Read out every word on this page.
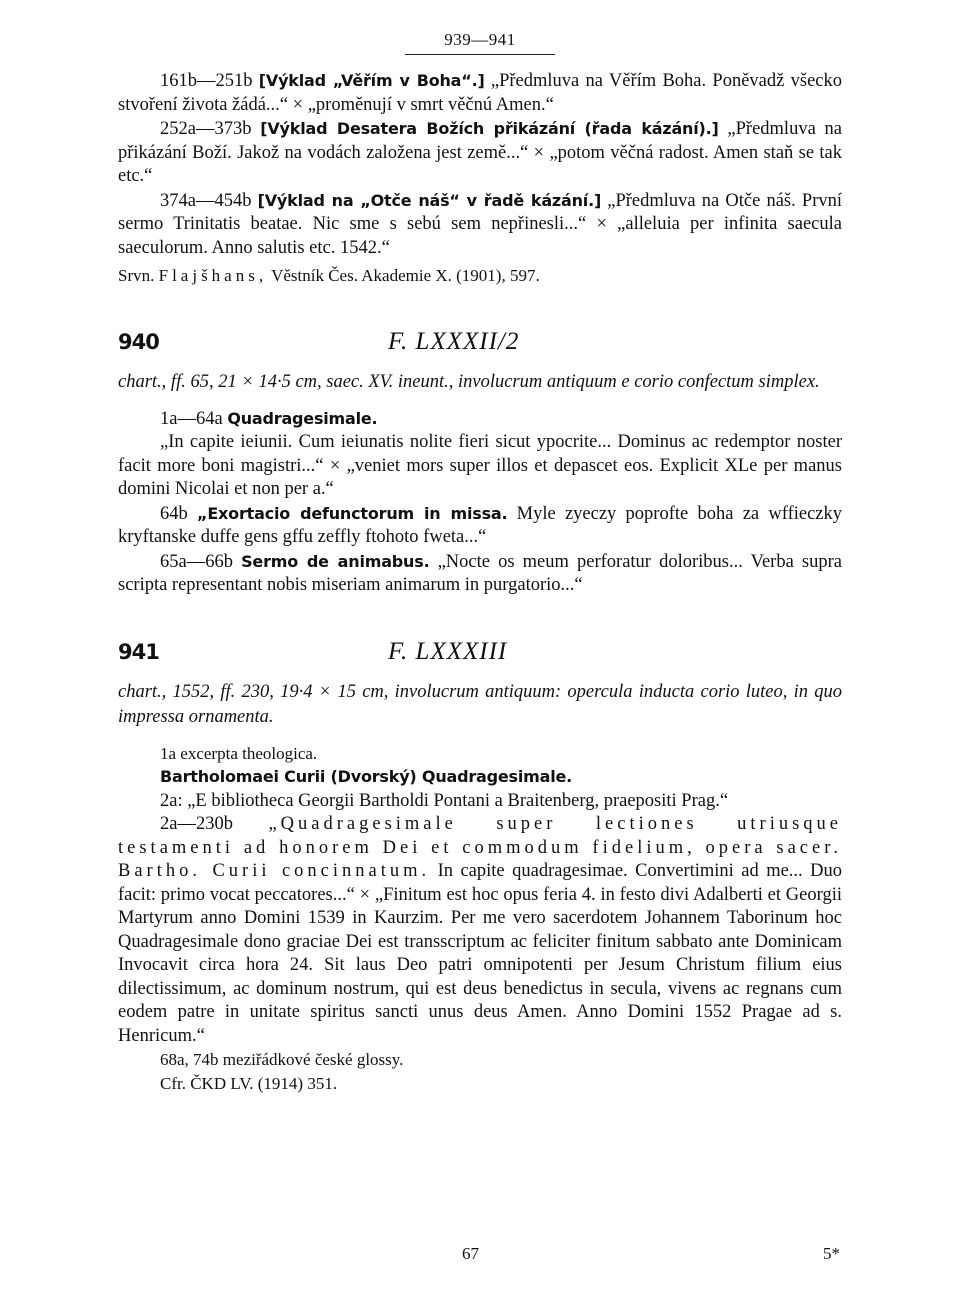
939—941

161b—251b [Výklad „Věřím v Boha“.] „Předmluva na Věřím Boha. Poněvadž všecko stvoření života žádá...“ × „proměnují v smrt věčnú Amen.“

252a—373b [Výklad Desatera Božích přikázání (řada kázání).] „Předmluva na přikázání Boží. Jakož na vodách založena jest země...“ × „potom věčná radost. Amen staň se tak etc.“

374a—454b [Výklad na „Otče náš“ v řadě kázání.] „Předmluva na Otče náš. První sermo Trinitatis beatae. Nic sme s sebú sem nepřinesli...“ × „alleluia per infinita saecula saeculorum. Anno salutis etc. 1542.“

Srvn. Flajšhans, Věstník Čes. Akademie X. (1901), 597.

940	F. LXXXII/2

chart., ff. 65, 21 × 14·5 cm, saec. XV. ineunt., involucrum antiquum e corio confectum simplex.

1a—64a Quadragesimale.

„In capite ieiunii. Cum ieiunatis nolite fieri sicut ypocrite... Dominus ac redemptor noster facit more boni magistri...“ × „veniet mors super illos et depascet eos. Explicit XLe per manus domini Nicolai et non per a.“

64b „Exortacio defunctorum in missa. Myle zyeczy poprofte boha za wffieczky kryftanske duffe gens gffu zeffly ftohoto fweta...“

65a—66b Sermo de animabus. „Nocte os meum perforatur doloribus... Verba supra scripta representant nobis miseriam animarum in purgatorio...“

941	F. LXXXIII

chart., 1552, ff. 230, 19·4 × 15 cm, involucrum antiquum: opercula inducta corio luteo, in quo impressa ornamenta.

1a excerpta theologica.

Bartholomaei Curii (Dvorský) Quadragesimale.

2a: „E bibliotheca Georgii Bartholdi Pontani a Braitenberg, praepositi Prag.“

2a—230b „Quadragesimale super lectiones utriusque testamenti ad honorem Dei et commodum fidelium, opera sacer. Bartho. Curii concinnatum. In capite quadragesimae. Convertimini ad me... Duo facit: primo vocat peccatores...“ × „Finitum est hoc opus feria 4. in festo divi Adalberti et Georgii Martyrum anno Domini 1539 in Kaurzim. Per me vero sacerdotem Johannem Taborinum hoc Quadragesimale dono graciae Dei est transscriptum ac feliciter finitum sabbato ante Dominicam Invocavit circa hora 24. Sit laus Deo patri omnipotenti per Jesum Christum filium eius dilectissimum, ac dominum nostrum, qui est deus benedictus in secula, vivens ac regnans cum eodem patre in unitate spiritus sancti unus deus Amen. Anno Domini 1552 Pragae ad s. Henricum.“

68a, 74b meziřádkové české glossy.

Cfr. ČKD LV. (1914) 351.

67	5*
